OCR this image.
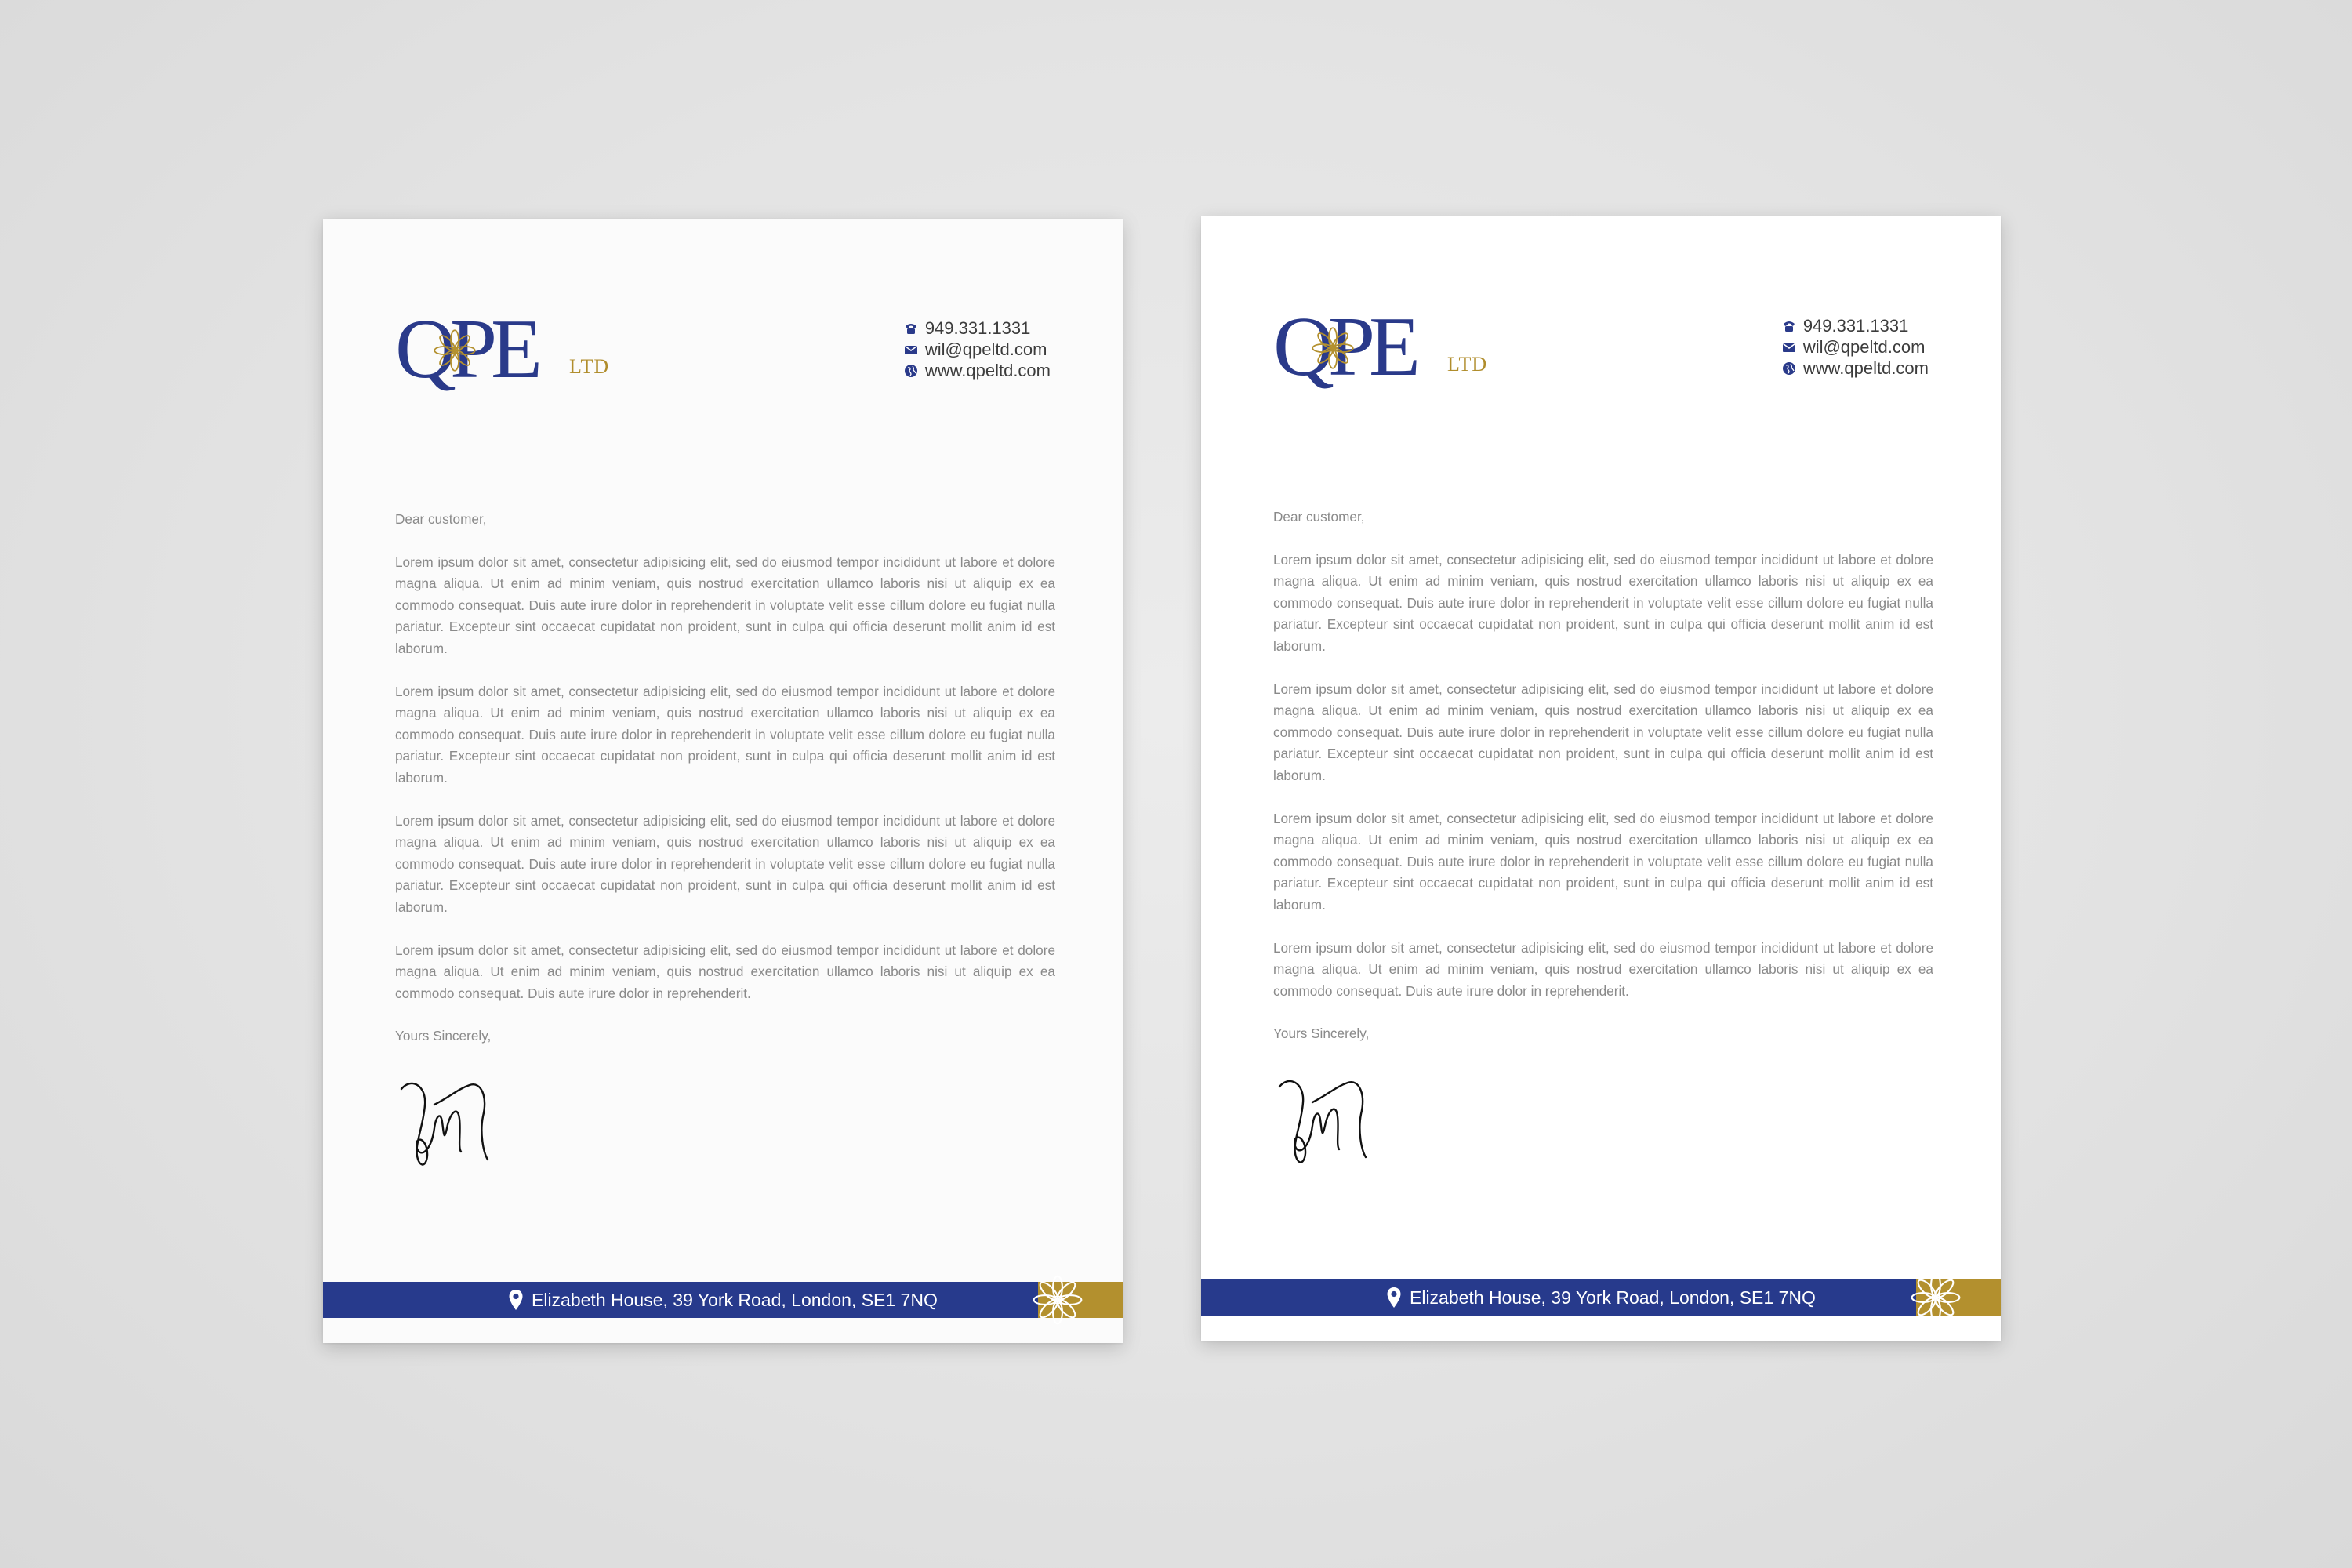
QPE LTD
949.331.1331
wil@qpeltd.com
www.qpeltd.com

Dear customer,

Lorem ipsum dolor sit amet, consectetur adipisicing elit, sed do eiusmod tempor incididunt ut labore et dolore magna aliqua. Ut enim ad minim veniam, quis nostrud exercitation ullamco laboris nisi ut aliquip ex ea commodo consequat. Duis aute irure dolor in reprehenderit in voluptate velit esse cillum dolore eu fugiat nulla pariatur. Excepteur sint occaecat cupidatat non proident, sunt in culpa qui officia deserunt mollit anim id est laborum.

Lorem ipsum dolor sit amet, consectetur adipisicing elit, sed do eiusmod tempor incididunt ut labore et dolore magna aliqua. Ut enim ad minim veniam, quis nostrud exercitation ullamco laboris nisi ut aliquip ex ea commodo consequat. Duis aute irure dolor in reprehenderit in voluptate velit esse cillum dolore eu fugiat nulla pariatur. Excepteur sint occaecat cupidatat non proident, sunt in culpa qui officia deserunt mollit anim id est laborum.

Lorem ipsum dolor sit amet, consectetur adipisicing elit, sed do eiusmod tempor incididunt ut labore et dolore magna aliqua. Ut enim ad minim veniam, quis nostrud exercitation ullamco laboris nisi ut aliquip ex ea commodo consequat. Duis aute irure dolor in reprehenderit in voluptate velit esse cillum dolore eu fugiat nulla pariatur. Excepteur sint occaecat cupidatat non proident, sunt in culpa qui officia deserunt mollit anim id est laborum.

Lorem ipsum dolor sit amet, consectetur adipisicing elit, sed do eiusmod tempor incididunt ut labore et dolore magna aliqua. Ut enim ad minim veniam, quis nostrud exercitation ullamco laboris nisi ut aliquip ex ea commodo consequat. Duis aute irure dolor in reprehenderit.

Yours Sincerely,

Elizabeth House, 39 York Road, London, SE1 7NQ
QPE LTD
949.331.1331
wil@qpeltd.com
www.qpeltd.com

Dear customer,

Lorem ipsum dolor sit amet, consectetur adipisicing elit, sed do eiusmod tempor incididunt ut labore et dolore magna aliqua. Ut enim ad minim veniam, quis nostrud exercitation ullamco laboris nisi ut aliquip ex ea commodo consequat. Duis aute irure dolor in reprehenderit in voluptate velit esse cillum dolore eu fugiat nulla pariatur. Excepteur sint occaecat cupidatat non proident, sunt in culpa qui officia deserunt mollit anim id est laborum.

Lorem ipsum dolor sit amet, consectetur adipisicing elit, sed do eiusmod tempor incididunt ut labore et dolore magna aliqua. Ut enim ad minim veniam, quis nostrud exercitation ullamco laboris nisi ut aliquip ex ea commodo consequat. Duis aute irure dolor in reprehenderit in voluptate velit esse cillum dolore eu fugiat nulla pariatur. Excepteur sint occaecat cupidatat non proident, sunt in culpa qui officia deserunt mollit anim id est laborum.

Lorem ipsum dolor sit amet, consectetur adipisicing elit, sed do eiusmod tempor incididunt ut labore et dolore magna aliqua. Ut enim ad minim veniam, quis nostrud exercitation ullamco laboris nisi ut aliquip ex ea commodo consequat. Duis aute irure dolor in reprehenderit in voluptate velit esse cillum dolore eu fugiat nulla pariatur. Excepteur sint occaecat cupidatat non proident, sunt in culpa qui officia deserunt mollit anim id est laborum.

Lorem ipsum dolor sit amet, consectetur adipisicing elit, sed do eiusmod tempor incididunt ut labore et dolore magna aliqua. Ut enim ad minim veniam, quis nostrud exercitation ullamco laboris nisi ut aliquip ex ea commodo consequat. Duis aute irure dolor in reprehenderit.

Yours Sincerely,

Elizabeth House, 39 York Road, London, SE1 7NQ
